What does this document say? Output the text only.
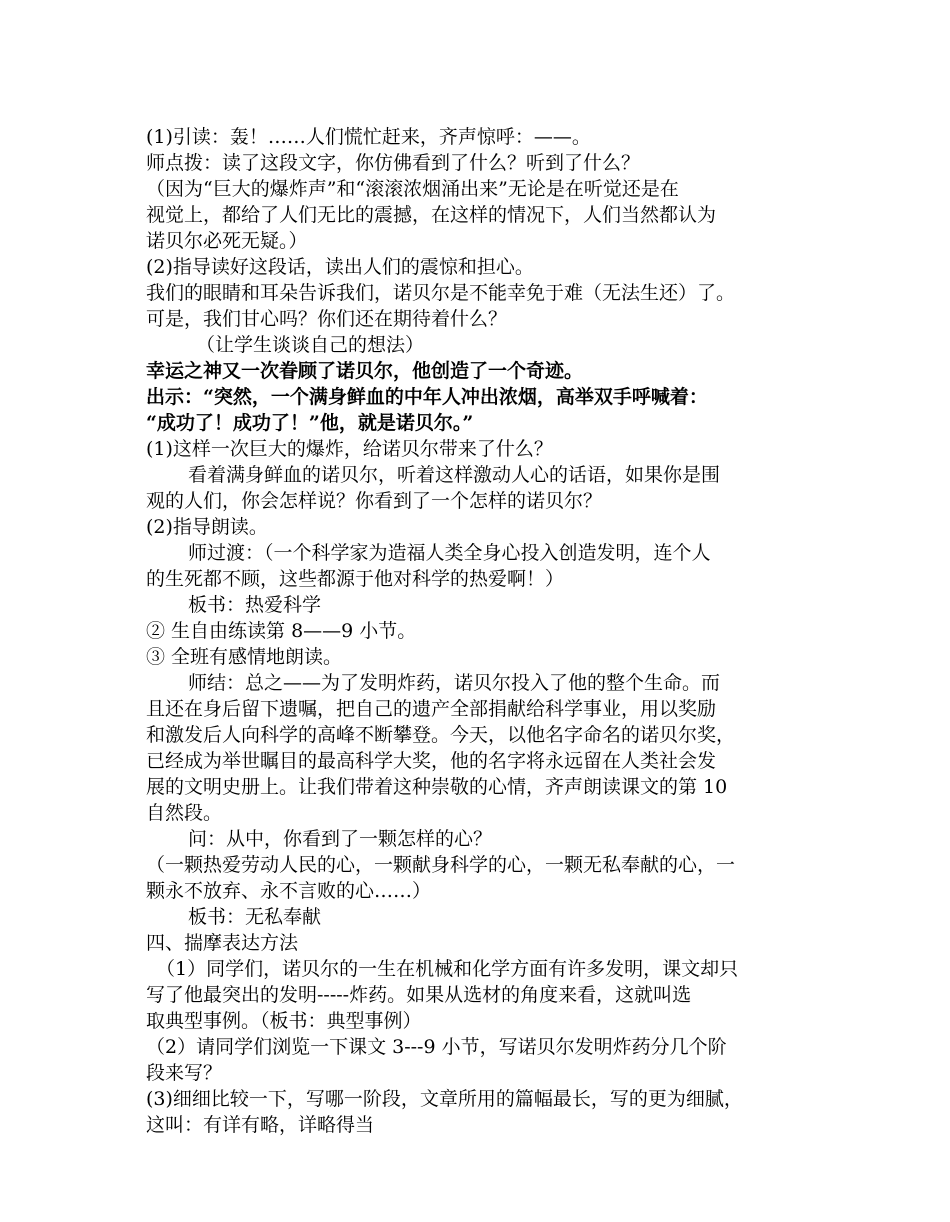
(1)引读：轰！……人们慌忙赶来，齐声惊呼：——。
师点拨：读了这段文字，你仿佛看到了什么？听到了什么？
（因为“巨大的爆炸声”和“滚滚浓烟涌出来”无论是在听觉还是在
视觉上，都给了人们无比的震撼，在这样的情况下，人们当然都认为
诺贝尔必死无疑。）
(2)指导读好这段话，读出人们的震惊和担心。
我们的眼睛和耳朵告诉我们，诺贝尔是不能幸免于难（无法生还）了。
可是，我们甘心吗？你们还在期待着什么？
（让学生谈谈自己的想法）
幸运之神又一次眷顾了诺贝尔，他创造了一个奇迹。
出示：“突然，一个满身鲜血的中年人冲出浓烟，高举双手呼喊着：
“成功了！成功了！”他，就是诺贝尔。”
(1)这样一次巨大的爆炸，给诺贝尔带来了什么？
看着满身鲜血的诺贝尔，听着这样激动人心的话语，如果你是围
观的人们，你会怎样说？你看到了一个怎样的诺贝尔？
(2)指导朗读。
师过渡：（一个科学家为造福人类全身心投入创造发明，连个人
的生死都不顾，这些都源于他对科学的热爱啊！）
板书：热爱科学
② 生自由练读第 8——9 小节。
③ 全班有感情地朗读。
师结：总之——为了发明炸药，诺贝尔投入了他的整个生命。而
且还在身后留下遗嘱，把自己的遗产全部捐献给科学事业，用以奖励
和激发后人向科学的高峰不断攀登。今天，以他名字命名的诺贝尔奖，
已经成为举世瞩目的最高科学大奖，他的名字将永远留在人类社会发
展的文明史册上。让我们带着这种崇敬的心情，齐声朗读课文的第 10
自然段。
问：从中，你看到了一颗怎样的心？
（一颗热爱劳动人民的心，一颗献身科学的心，一颗无私奉献的心，一
颗永不放弃、永不言败的心……）
板书：无私奉献
四、揣摩表达方法
（1）同学们，诺贝尔的一生在机械和化学方面有许多发明，课文却只
写了他最突出的发明-----炸药。如果从选材的角度来看，这就叫选
取典型事例。（板书：典型事例）
（2）请同学们浏览一下课文 3---9 小节，写诺贝尔发明炸药分几个阶
段来写？
(3)细细比较一下，写哪一阶段，文章所用的篇幅最长，写的更为细腻，
这叫：有详有略，详略得当
